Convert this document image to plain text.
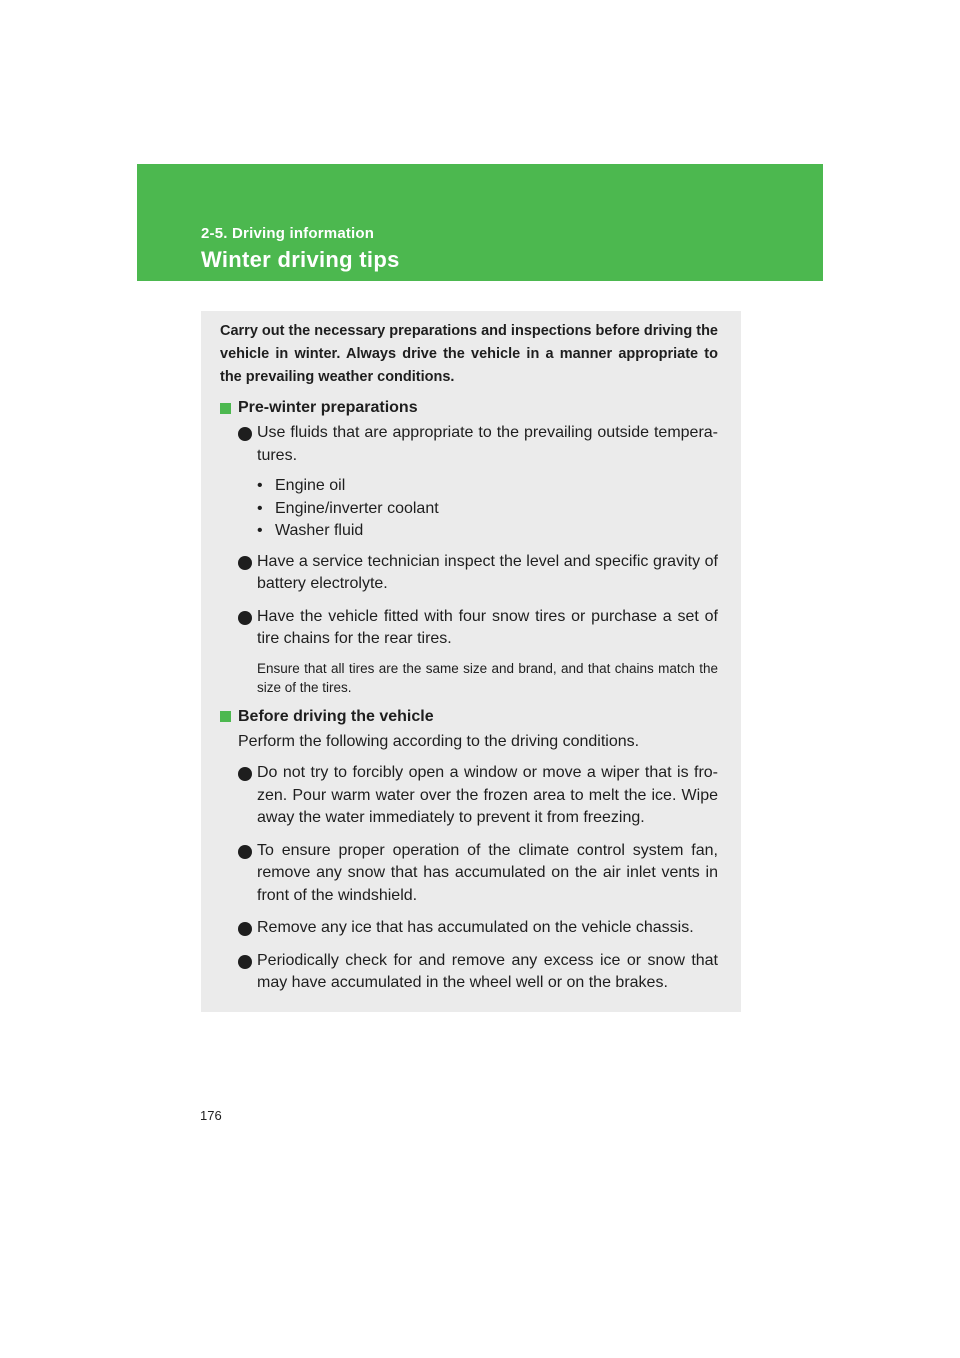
2-5. Driving information
Winter driving tips

Carry out the necessary preparations and inspections before driving the vehicle in winter. Always drive the vehicle in a manner appropriate to the prevailing weather conditions.

Pre-winter preparations
Use fluids that are appropriate to the prevailing outside tempera-tures.
• Engine oil
• Engine/inverter coolant
• Washer fluid
Have a service technician inspect the level and specific gravity of battery electrolyte.
Have the vehicle fitted with four snow tires or purchase a set of tire chains for the rear tires.

Ensure that all tires are the same size and brand, and that chains match the size of the tires.

Before driving the vehicle

Perform the following according to the driving conditions.

Do not try to forcibly open a window or move a wiper that is fro-zen. Pour warm water over the frozen area to melt the ice. Wipe away the water immediately to prevent it from freezing.
To ensure proper operation of the climate control system fan, remove any snow that has accumulated on the air inlet vents in front of the windshield.
Remove any ice that has accumulated on the vehicle chassis.
Periodically check for and remove any excess ice or snow that may have accumulated in the wheel well or on the brakes.
176
